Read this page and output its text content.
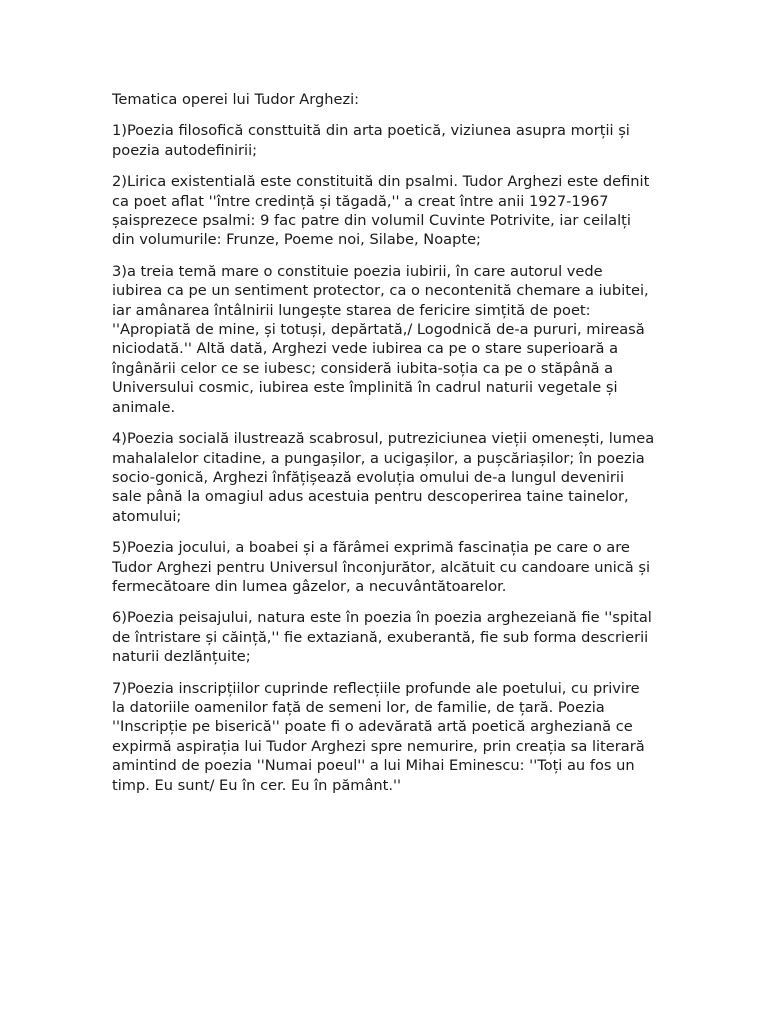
Tematica operei lui Tudor Arghezi:

1)Poezia filosofică consttuită din arta poetică, viziunea asupra morții și poezia autodefinirii;

2)Lirica existentială este constituită din psalmi. Tudor Arghezi este definit ca poet aflat ''între credință și tăgadă,'' a creat între anii 1927-1967 șaisprezece psalmi: 9 fac patre din volumil Cuvinte Potrivite, iar ceilalți din volumurile: Frunze, Poeme noi, Silabe, Noapte;

3)a treia temă mare o constituie poezia iubirii, în care autorul vede iubirea ca pe un sentiment protector, ca o necontenită chemare a iubitei, iar amânarea întâlnirii lungește starea de fericire simțită de poet: ''Apropiată de mine, și totuși, depărtată,/ Logodnică de-a pururi, mireasă niciodată.'' Altă dată, Arghezi vede iubirea ca pe o stare superioară a îngânării celor ce se iubesc; consideră iubita-soția ca pe o stăpână a Universului cosmic, iubirea este împlinită în cadrul naturii vegetale și animale.

4)Poezia socială ilustrează scabrosul, putreziciunea vieții omenești, lumea mahalalelor citadine, a pungașilor, a ucigașilor, a pușcăriașilor; în poezia socio-gonică, Arghezi înfățișează evoluția omului de-a lungul devenirii sale până la omagiul adus acestuia pentru descoperirea taine tainelor, atomului;

5)Poezia jocului, a boabei și a fărâmei exprimă fascinația pe care o are Tudor Arghezi pentru Universul înconjurător, alcătuit cu candoare unică și fermecătoare din lumea gâzelor, a necuvântătoarelor.

6)Poezia peisajului, natura este în poezia în poezia arghezeiană fie ''spital de întristare și căință,'' fie extaziană, exuberantă, fie sub forma descrierii naturii dezlănțuite;

7)Poezia inscripțiilor cuprinde reflecțiile profunde ale poetului, cu privire la datoriile oamenilor față de semeni lor, de familie, de țară. Poezia ''Inscripție pe biserică'' poate fi o adevărată artă poetică argheziană ce expirmă aspirația lui Tudor Arghezi spre nemurire, prin creația sa literară amintind de poezia ''Numai poeul'' a lui Mihai Eminescu: ''Toți au fos un timp. Eu sunt/ Eu în cer. Eu în pământ.''
